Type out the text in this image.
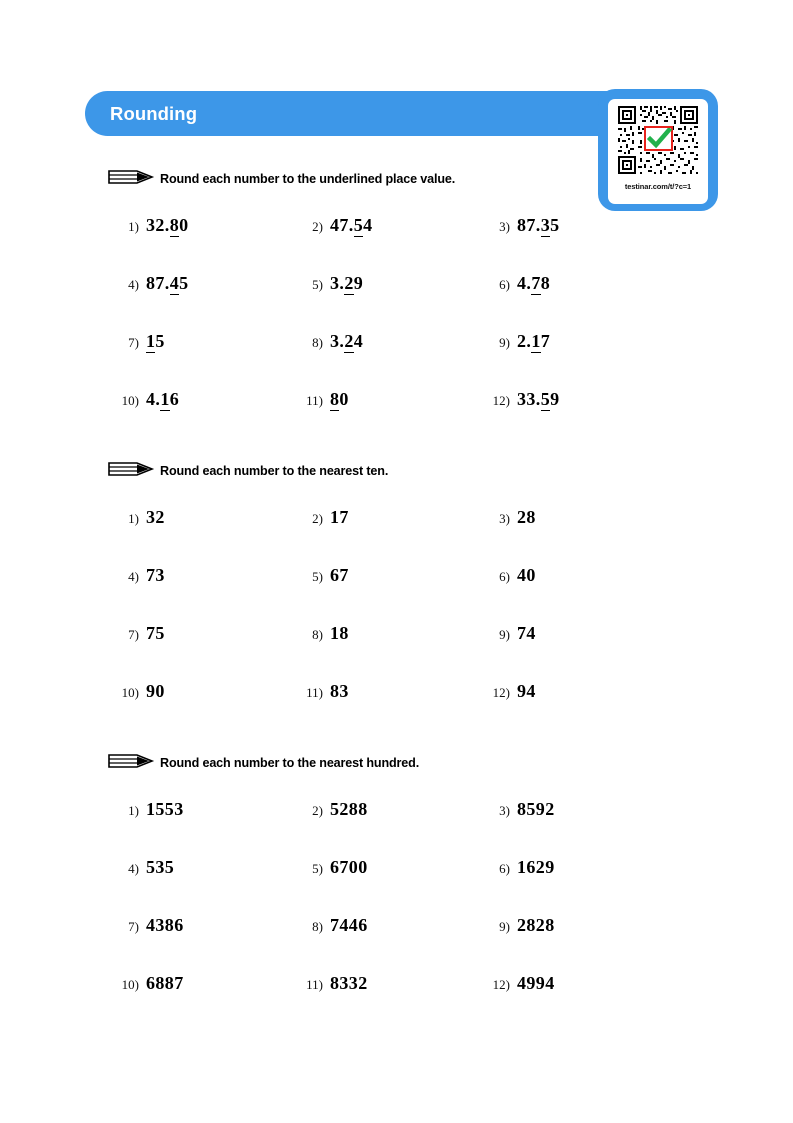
Rounding
testinar.com/t/?c=1
Round each number to the underlined place value.
1) 32.80	2) 47.54	3) 87.35
4) 87.45	5) 3.29	6) 4.78
7) 15	8) 3.24	9) 2.17
10) 4.16	11) 80	12) 33.59
Round each number to the nearest ten.
1) 32	2) 17	3) 28
4) 73	5) 67	6) 40
7) 75	8) 18	9) 74
10) 90	11) 83	12) 94
Round each number to the nearest hundred.
1) 1553	2) 5288	3) 8592
4) 535	5) 6700	6) 1629
7) 4386	8) 7446	9) 2828
10) 6887	11) 8332	12) 4994
